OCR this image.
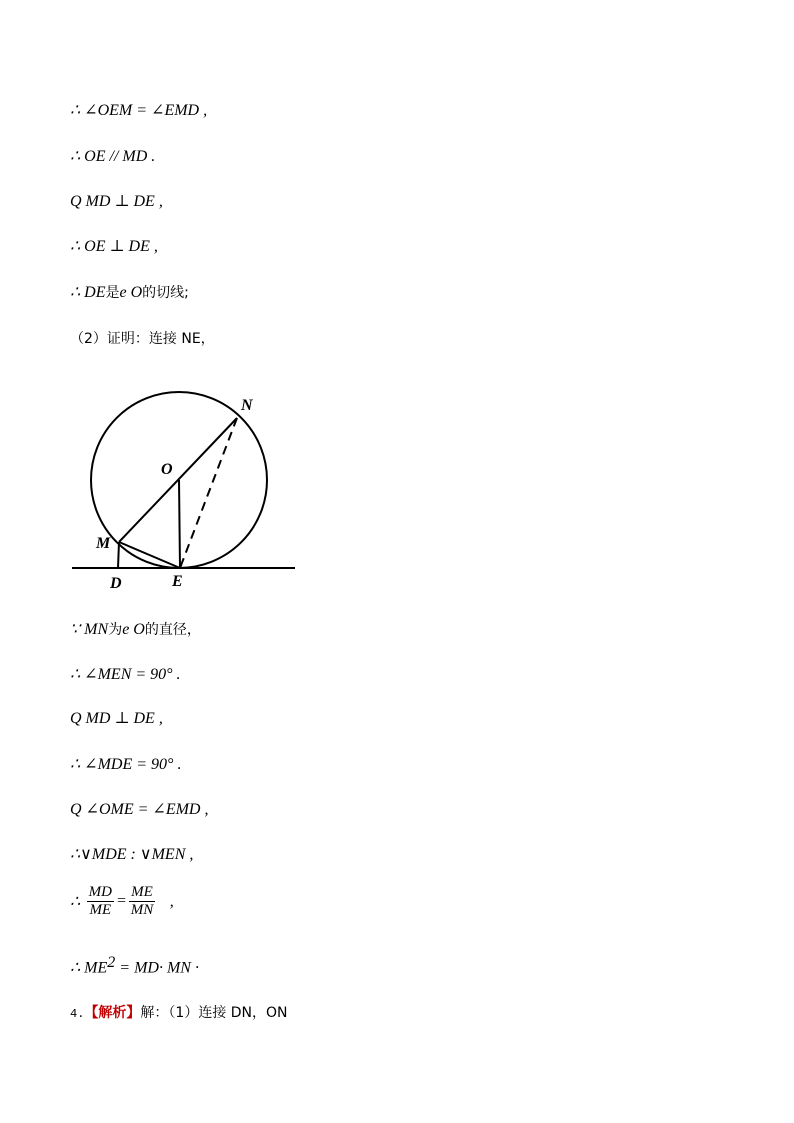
∴ ∠OEM = ∠EMD ,
∴ OE // MD .
Q MD ⊥ DE ,
∴ OE ⊥ DE ,
∴ DE是e O的切线;
（2）证明：连接 NE，
N
O
M
D	E
∵ MN为e O的直径，
∴ ∠MEN = 90° .
Q MD ⊥ DE ,
∴ ∠MDE = 90° .
Q ∠OME = ∠EMD ,
∴∨MDE : ∨MEN ,
∴ $\frac{MD}{ME} = \frac{ME}{MN}$ ,
∴ $ME^2 = MD\cdot$ MN ·
4.【解析】解：（1）连接 DN，ON
